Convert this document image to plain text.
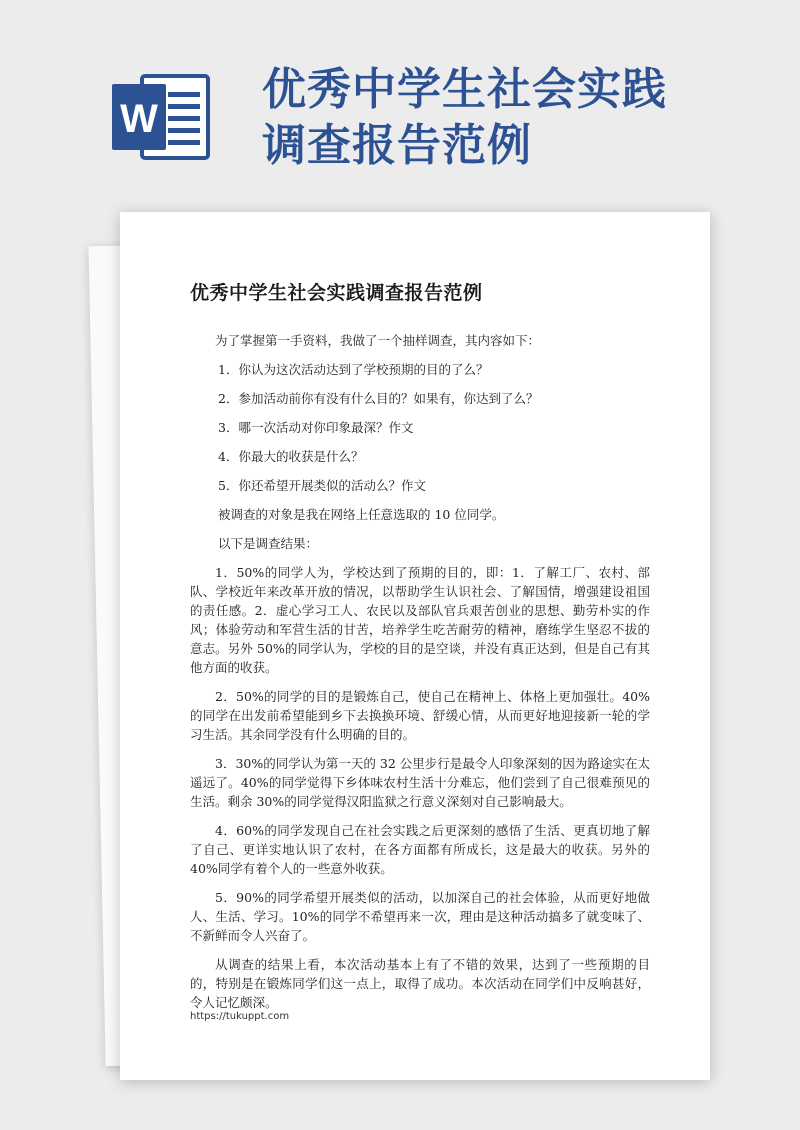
W
优秀中学生社会实践调查报告范例
优秀中学生社会实践调查报告范例

为了掌握第一手资料，我做了一个抽样调查，其内容如下：

1．你认为这次活动达到了学校预期的目的了么？
2．参加活动前你有没有什么目的？如果有，你达到了么？
3．哪一次活动对你印象最深？作文
4．你最大的收获是什么？
5．你还希望开展类似的活动么？作文

被调查的对象是我在网络上任意选取的 10 位同学。

以下是调查结果：

1．50%的同学人为，学校达到了预期的目的，即：1．了解工厂、农村、部队、学校近年来改革开放的情况，以帮助学生认识社会、了解国情，增强建设祖国的责任感。2．虚心学习工人、农民以及部队官兵艰苦创业的思想、勤劳朴实的作风；体验劳动和军营生活的甘苦，培养学生吃苦耐劳的精神，磨练学生坚忍不拔的意志。另外 50%的同学认为，学校的目的是空谈，并没有真正达到，但是自己有其他方面的收获。

2．50%的同学的目的是锻炼自己，使自己在精神上、体格上更加强壮。40%的同学在出发前希望能到乡下去换换环境、舒缓心情，从而更好地迎接新一轮的学习生活。其余同学没有什么明确的目的。

3．30%的同学认为第一天的 32 公里步行是最令人印象深刻的因为路途实在太遥远了。40%的同学觉得下乡体味农村生活十分难忘，他们尝到了自己很难预见的生活。剩余 30%的同学觉得汉阳监狱之行意义深刻对自己影响最大。

4．60%的同学发现自己在社会实践之后更深刻的感悟了生活、更真切地了解了自己、更详实地认识了农村，在各方面都有所成长，这是最大的收获。另外的 40%同学有着个人的一些意外收获。

5．90%的同学希望开展类似的活动，以加深自己的社会体验，从而更好地做人、生活、学习。10%的同学不希望再来一次，理由是这种活动搞多了就变味了、不新鲜而令人兴奋了。

从调查的结果上看，本次活动基本上有了不错的效果，达到了一些预期的目的，特别是在锻炼同学们这一点上，取得了成功。本次活动在同学们中反响甚好，令人记忆颇深。

https://tukuppt.com
